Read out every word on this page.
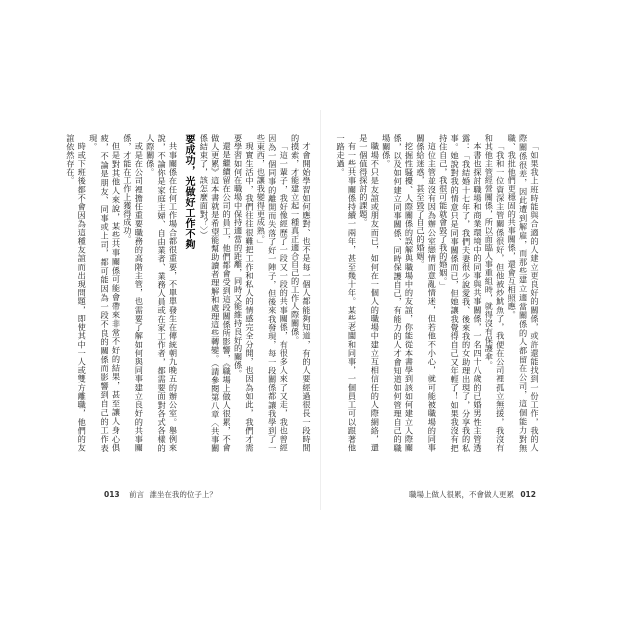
才會開始學習如何應對、也不是每一個人都能夠知道，有的人要經過很長一段時間的摸索，才能建立起一種真正適合自己的工作人際關係。

「這一輩子，我好像經歷了一段又一段的共事關係，有很多人來了又走，我也曾經因為一個同事的離開而失落了好一陣子，但後來我發現，每一段關係都讓我學到了一些東西，也讓我變得更成熟。」

現實生活中，我們往往很難把工作和私人的情感完全分開，也因為如此，我們才需要學習如何在職場中保持適當的距離，同時又能維持良好的關係。

還是繼續留在公司的員工，他們都會受到這段關係所影響，《職場上做人很累，不會做人更累》這本書就是希望能幫助讀者理解和處理這些轉變。（請參閱第八章〈共事關係結束了，該怎麼面對？〉）

要成功，光做好工作不夠

共事關係在任何工作場合都很重要，不單單發生在傳統朝九晚五的辦公室。舉例來說，不論你是家庭主婦、自由業者、業務人員或在家工作者，都需要面對各式各樣的人際關係。

或是在公司裡擔任重要職務的高階主管，也需要了解如何與同事建立良好的共事關係，才能在工作上獲得成功。

但是對其他人來說，某些共事關係可能會帶來非常不好的結果，甚至讓人身心俱疲，不論是朋友、同事或上司，都可能因為一段不良的關係而影響到自己的工作表現。

時或下班後都不會因為這種友誼而出現問題，即使其中一人或雙方離職，他們的友誼依然存在。

013 前言 誰坐在我的位子上？

「如果我上班時能與合適的人建立更良好的關係，或許還能找到一份工作，我的人際關係很差，因此遭到解雇，而那些建立適當關係的人都留在公司，這個能力對無職、我批他們更穩固的共事關係，還會互相照應。

「我和一位資深主管關係很好，但他被炒魷魚了，我便在公司裡孤立無援，我沒有和其他主管經營關係，所以面臨人事重組時，就得沒有保護傘。

本書也探討職場和商業環境中的同事與共事關係，一名四十八歲的已婚男性主管透露：「我結婚十七年了，我們夫妻很少說愛我、後來我的女助理出現了，分享我的私事。她說對我的情意只是同事關係而已，但她讓我覺得自己又年輕了！如果我沒有把持住自己，我很可能就會毀了我的婚姻。」

這位主管並沒有因為辦公室戀情而意亂情迷，但若他不小心，就可能被職場的同事關係給迷惑，甚至毀了自己的婚姻。

挖掘性騷擾、人際關係的誤解與職場中的友誼，你能從本書學到該如何建立人際關係，以及如何建立同事關係、同時保護自己，有能力的人才會知道如何管理自己的職場關係。

職場不只是友誼或朋友而已，如何在一個人的職場中建立互相信任的人際網絡，還是一個值得探討的課題。

有一些共事關係持續一兩年，甚至幾十年。某些老闆和同事，一個員工可以跟著他一路走過。

職場上做人很累，不會做人更累 012
